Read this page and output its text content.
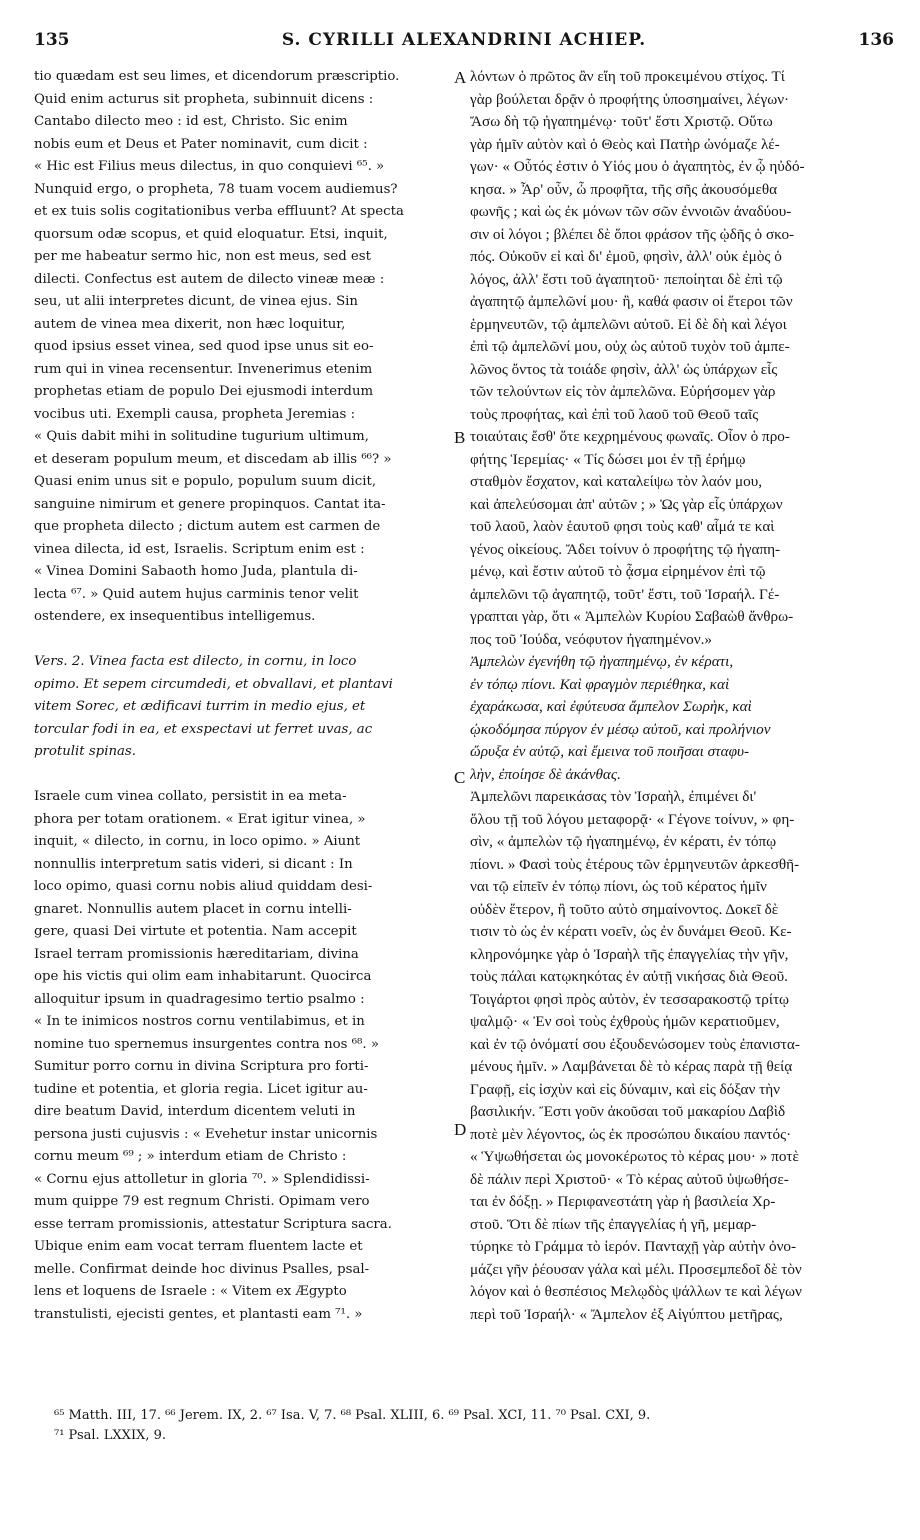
135	S. CYRILLI ALEXANDRINI ACHIEP.	136
tio quædam est seu limes, et dicendorum præscriptio.
Quid enim acturus sit propheta, subinnuit dicens :
Cantabo dilecto meo : id est, Christo. Sic enim
nobis eum et Deus et Pater nominavit, cum dicit :
« Hic est Filius meus dilectus, in quo conquievi ⁶⁵. »
Nunquid ergo, o propheta, 78 tuam vocem audiemus?
et ex tuis solis cogitationibus verba effluunt? At specta
quorsum odæ scopus, et quid eloquatur. Etsi, inquit,
per me habeatur sermo hic, non est meus, sed est
dilecti. Confectus est autem de dilecto vineæ meæ :
seu, ut alii interpretes dicunt, de vinea ejus. Sin
autem de vinea mea dixerit, non hæc loquitur,
quod ipsius esset vinea, sed quod ipse unus sit eo-
rum qui in vinea recensentur. Invenerimus etenim
prophetas etiam de populo Dei ejusmodi interdum
vocibus uti. Exempli causa, propheta Jeremias :
« Quis dabit mihi in solitudine tugurium ultimum,
et deseram populum meum, et discedam ab illis ⁶⁶? »
Quasi enim unus sit e populo, populum suum dicit,
sanguine nimirum et genere propinquos. Cantat ita-
que propheta dilecto ; dictum autem est carmen de
vinea dilecta, id est, Israelis. Scriptum enim est :
« Vinea Domini Sabaoth homo Juda, plantula di-
lecta ⁶⁷. » Quid autem hujus carminis tenor velit
ostendere, ex insequentibus intelligemus.
Vers. 2. Vinea facta est dilecto, in cornu, in loco
opimo. Et sepem circumdedi, et obvallavi, et plantavi
vitem Sorec, et ædificavi turrim in medio ejus, et
torcular fodi in ea, et exspectavi ut ferret uvas, ac
protulit spinas.
Israele cum vinea collato, persistit in ea meta-
phora per totam orationem. « Erat igitur vinea, »
inquit, « dilecto, in cornu, in loco opimo. » Aiunt
nonnullis interpretum satis videri, si dicant : In
loco opimo, quasi cornu nobis aliud quiddam desi-
gnaret. Nonnullis autem placet in cornu intelli-
gere, quasi Dei virtute et potentia. Nam accepit
Israel terram promissionis hæreditariam, divina
ope his victis qui olim eam inhabitarunt. Quocirca
alloquitur ipsum in quadragesimo tertio psalmo :
« In te inimicos nostros cornu ventilabimus, et in
nomine tuo spernemus insurgentes contra nos ⁶⁸. »
Sumitur porro cornu in divina Scriptura pro forti-
tudine et potentia, et gloria regia. Licet igitur au-
dire beatum David, interdum dicentem veluti in
persona justi cujusvis : « Evehetur instar unicornis
cornu meum ⁶⁹ ; » interdum etiam de Christo :
« Cornu ejus attolletur in gloria ⁷⁰. » Splendidissi-
mum quippe 79 est regnum Christi. Opimam vero
esse terram promissionis, attestatur Scriptura sacra.
Ubique enim eam vocat terram fluentem lacte et
melle. Confirmat deinde hoc divinus Psalles, psal-
lens et loquens de Israele : « Vitem ex Ægypto
transtulisti, ejecisti gentes, et plantasti eam ⁷¹. »
λόντων ὁ πρῶτος ἂν εἴη τοῦ προκειμένου στίχος. Τί
γὰρ βούλεται δρᾷν ὁ προφήτης ὑποσημαίνει, λέγων·
Ἄσω δὴ τῷ ἠγαπημένῳ· τοῦτ' ἔστι Χριστῷ. Οὕτω
γὰρ ἡμῖν αὐτὸν καὶ ὁ Θεὸς καὶ Πατὴρ ὠνόμαζε λέ-
γων· « Οὗτός ἐστιν ὁ Υἱός μου ὁ ἀγαπητὸς, ἐν ᾧ ηὐδό-
κησα. » Ἆρ' οὖν, ὦ προφῆτα, τῆς σῆς ἀκουσόμεθα
φωνῆς ; καὶ ὡς ἐκ μόνων τῶν σῶν ἐννοιῶν ἀναδύου-
σιν οἱ λόγοι ; βλέπει δὲ ὅποι φράσον τῆς ᾠδῆς ὁ σκο-
πός. Οὐκοῦν εἰ καὶ δι' ἐμοῦ, φησὶν, ἀλλ' οὐκ ἐμὸς ὁ
λόγος, ἀλλ' ἔστι τοῦ ἀγαπητοῦ· πεποίηται δὲ ἐπὶ τῷ
ἀγαπητῷ ἀμπελῶνί μου· ἢ, καθά φασιν οἱ ἕτεροι τῶν
ἑρμηνευτῶν, τῷ ἀμπελῶνι αὐτοῦ. Εἰ δὲ δὴ καὶ λέγοι
ἐπὶ τῷ ἀμπελῶνί μου, οὐχ ὡς αὐτοῦ τυχὸν τοῦ ἀμπε-
λῶνος ὄντος τὰ τοιάδε φησὶν, ἀλλ' ὡς ὑπάρχων εἷς
τῶν τελούντων εἰς τὸν ἀμπελῶνα. Εὑρήσομεν γὰρ
τοὺς προφήτας, καὶ ἐπὶ τοῦ λαοῦ τοῦ Θεοῦ ταῖς
τοιαύταις ἔσθ' ὅτε κεχρημένους φωναῖς. Οἷον ὁ προ-
φήτης Ἱερεμίας· « Τίς δώσει μοι ἐν τῇ ἐρήμῳ
σταθμὸν ἔσχατον, καὶ καταλείψω τὸν λαόν μου,
καὶ ἀπελεύσομαι ἀπ' αὐτῶν ; » Ὡς γὰρ εἷς ὑπάρχων
τοῦ λαοῦ, λαὸν ἑαυτοῦ φησι τοὺς καθ' αἷμά τε καὶ
γένος οἰκείους. Ἄδει τοίνυν ὁ προφήτης τῷ ἠγαπη-
μένῳ, καὶ ἔστιν αὐτοῦ τὸ ᾆσμα εἰρημένον ἐπὶ τῷ
ἀμπελῶνι τῷ ἀγαπητῷ, τοῦτ' ἔστι, τοῦ Ἰσραήλ. Γέ-
γραπται γὰρ, ὅτι « Ἀμπελὼν Κυρίου Σαβαὼθ ἄνθρω-
πος τοῦ Ἰούδα, νεόφυτον ἠγαπημένον.»
Ἀμπελὼν ἐγενήθη τῷ ἠγαπημένῳ, ἐν κέρατι,
ἐν τόπῳ πίονι. Καὶ φραγμὸν περιέθηκα, καὶ
ἐχαράκωσα, καὶ ἐφύτευσα ἄμπελον Σωρὴκ, καὶ
ᾠκοδόμησα πύργον ἐν μέσῳ αὐτοῦ, καὶ προλήνιον
ὤρυξα ἐν αὐτῷ, καὶ ἔμεινα τοῦ ποιῆσαι σταφυ-
λὴν, ἐποίησε δὲ ἀκάνθας.
Ἀμπελῶνι παρεικάσας τὸν Ἰσραὴλ, ἐπιμένει δι'
ὅλου τῇ τοῦ λόγου μεταφορᾷ· « Γέγονε τοίνυν, » φη-
σὶν, « ἀμπελὼν τῷ ἠγαπημένῳ, ἐν κέρατι, ἐν τόπῳ
πίονι. » Φασὶ τοὺς ἑτέρους τῶν ἑρμηνευτῶν ἀρκεσθῆ-
ναι τῷ εἰπεῖν ἐν τόπῳ πίονι, ὡς τοῦ κέρατος ἡμῖν
οὐδὲν ἕτερον, ἢ τοῦτο αὐτὸ σημαίνοντος. Δοκεῖ δὲ
τισιν τὸ ὡς ἐν κέρατι νοεῖν, ὡς ἐν δυνάμει Θεοῦ. Κε-
κληρονόμηκε γὰρ ὁ Ἰσραὴλ τῆς ἐπαγγελίας τὴν γῆν,
τοὺς πάλαι κατῳκηκότας ἐν αὐτῇ νικήσας διὰ Θεοῦ.
Τοιγάρτοι φησὶ πρὸς αὐτὸν, ἐν τεσσαρακοστῷ τρίτῳ
ψαλμῷ· « Ἐν σοὶ τοὺς ἐχθροὺς ἡμῶν κερατιοῦμεν,
καὶ ἐν τῷ ὀνόματί σου ἐξουδενώσομεν τοὺς ἐπανιστα-
μένους ἡμῖν. » Λαμβάνεται δὲ τὸ κέρας παρὰ τῇ θείᾳ
Γραφῇ, εἰς ἰσχὺν καὶ εἰς δύναμιν, καὶ εἰς δόξαν τὴν
βασιλικήν. Ἔστι γοῦν ἀκοῦσαι τοῦ μακαρίου Δαβὶδ
ποτὲ μὲν λέγοντος, ὡς ἐκ προσώπου δικαίου παντός·
« Ὑψωθήσεται ὡς μονοκέρωτος τὸ κέρας μου· » ποτὲ
δὲ πάλιν περὶ Χριστοῦ· « Τὸ κέρας αὐτοῦ ὑψωθήσε-
ται ἐν δόξῃ. » Περιφανεστάτη γὰρ ἡ βασιλεία Χρ-
στοῦ. Ὅτι δὲ πίων τῆς ἐπαγγελίας ἡ γῆ, μεμαρ-
τύρηκε τὸ Γράμμα τὸ ἱερόν. Πανταχῇ γὰρ αὐτὴν ὀνο-
μάζει γῆν ῥέουσαν γάλα καὶ μέλι. Προσεμπεδοῖ δὲ τὸν
λόγον καὶ ὁ θεσπέσιος Μελῳδὸς ψάλλων τε καὶ λέγων
περὶ τοῦ Ἰσραήλ· « Ἄμπελον ἐξ Αἰγύπτου μετῆρας,
A
B
C
D
⁶⁵ Matth. III, 17. ⁶⁶ Jerem. IX, 2. ⁶⁷ Isa. V, 7. ⁶⁸ Psal. XLIII, 6. ⁶⁹ Psal. XCI, 11. ⁷⁰ Psal. CXI, 9.
⁷¹ Psal. LXXIX, 9.
